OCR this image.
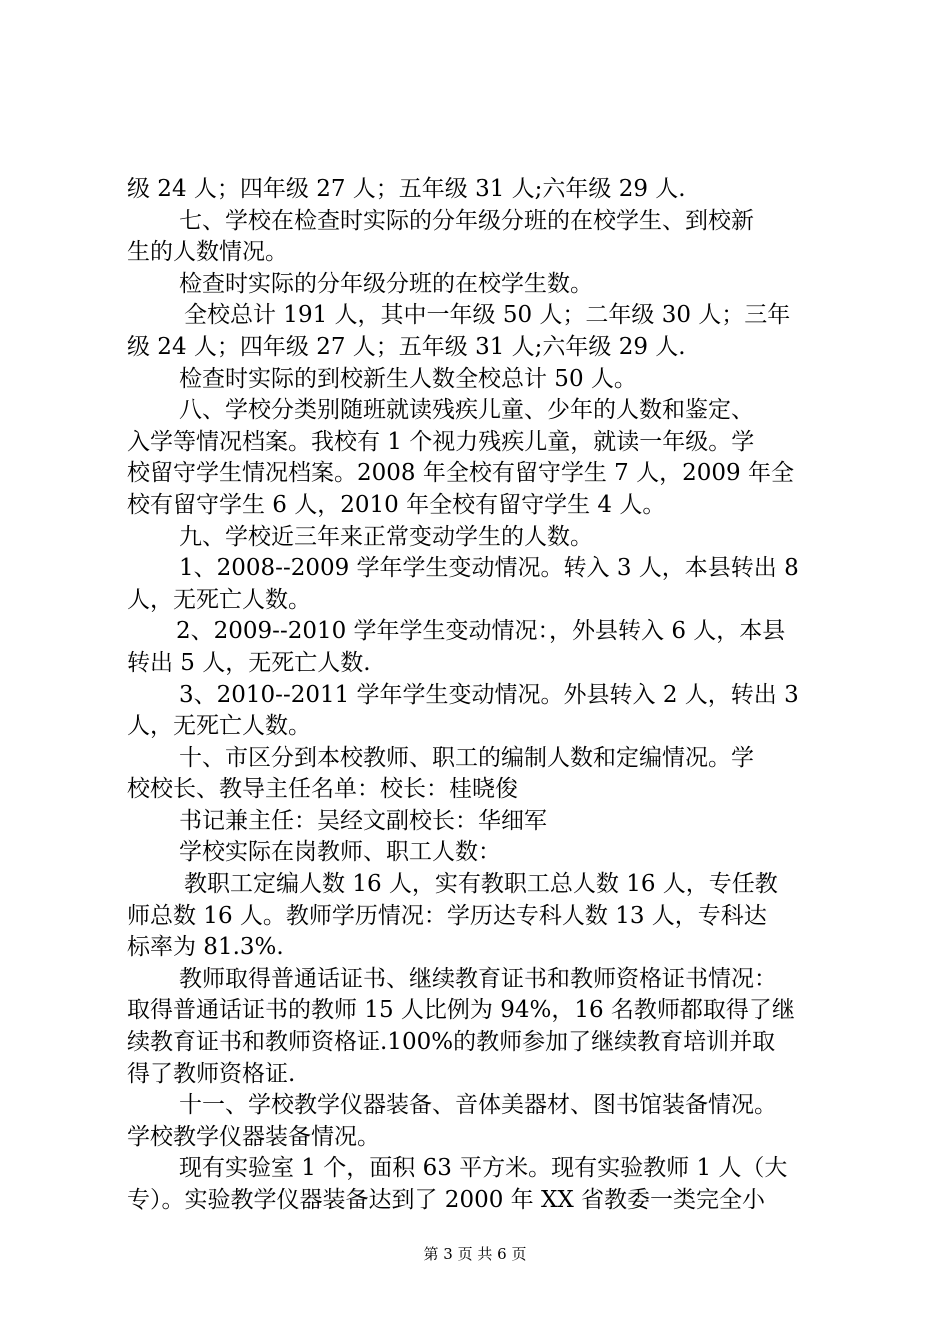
级 24 人；四年级 27 人；五年级 31 人;六年级 29 人.
七、学校在检查时实际的分年级分班的在校学生、到校新
生的人数情况。
检查时实际的分年级分班的在校学生数。
全校总计 191 人，其中一年级 50 人；二年级 30 人；三年
级 24 人；四年级 27 人；五年级 31 人;六年级 29 人.
检查时实际的到校新生人数全校总计 50 人。
八、学校分类别随班就读残疾儿童、少年的人数和鉴定、
入学等情况档案。我校有 1 个视力残疾儿童，就读一年级。学
校留守学生情况档案。2008 年全校有留守学生 7 人，2009 年全
校有留守学生 6 人，2010 年全校有留守学生 4 人。
九、学校近三年来正常变动学生的人数。
1、2008--2009 学年学生变动情况。转入 3 人，本县转出 8
人，无死亡人数。
2、2009--2010 学年学生变动情况：，外县转入 6 人，本县
转出 5 人，无死亡人数.
3、2010--2011 学年学生变动情况。外县转入 2 人，转出 3
人，无死亡人数。
十、市区分到本校教师、职工的编制人数和定编情况。学
校校长、教导主任名单：校长：桂晓俊
书记兼主任：吴经文副校长：华细军
学校实际在岗教师、职工人数：
教职工定编人数 16 人，实有教职工总人数 16 人，专任教
师总数 16 人。教师学历情况：学历达专科人数 13 人，专科达
标率为 81.3%.
教师取得普通话证书、继续教育证书和教师资格证书情况：
取得普通话证书的教师 15 人比例为 94%，16 名教师都取得了继
续教育证书和教师资格证.100%的教师参加了继续教育培训并取
得了教师资格证.
十一、学校教学仪器装备、音体美器材、图书馆装备情况。
学校教学仪器装备情况。
现有实验室 1 个，面积 63 平方米。现有实验教师 1 人（大
专）。实验教学仪器装备达到了 2000 年 XX 省教委一类完全小
第 3 页 共 6 页
